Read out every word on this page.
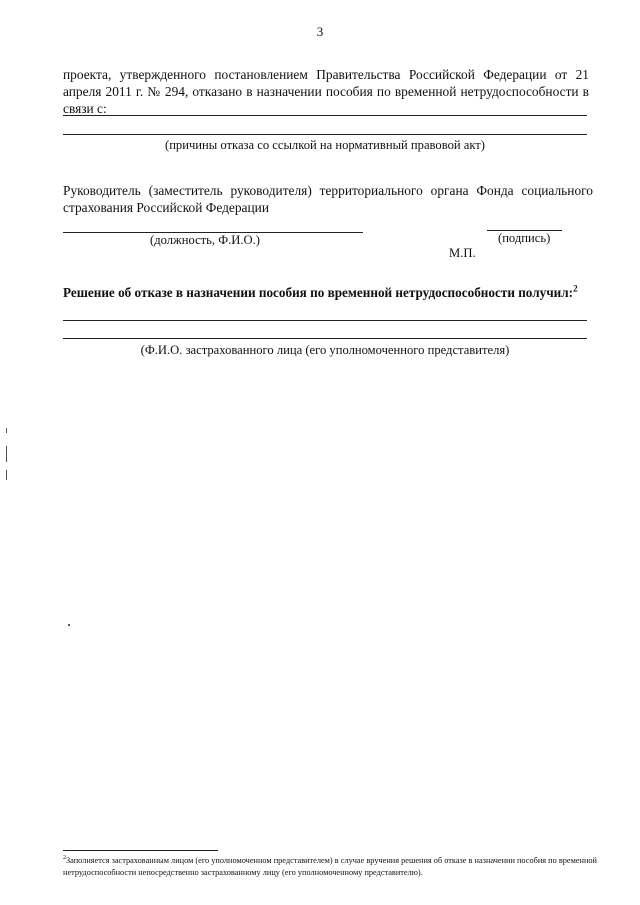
3
проекта, утвержденного постановлением Правительства Российской Федерации от 21 апреля 2011 г. № 294, отказано в назначении пособия по временной нетрудоспособности в связи с:
(причины отказа со ссылкой на нормативный правовой акт)
Руководитель (заместитель руководителя) территориального органа Фонда социального страхования Российской Федерации
(должность, Ф.И.О.)	(подпись)
М.П.
Решение об отказе в назначении пособия по временной нетрудоспособности получил:$^2$
(Ф.И.О. застрахованного лица (его уполномоченного представителя)
$^2$Заполняется застрахованным лицом (его уполномоченном представителем) в случае вручения решения об отказе в назначении пособия по временной нетрудоспособности непосредственно застрахованному лицу (его уполномоченному представителю).
